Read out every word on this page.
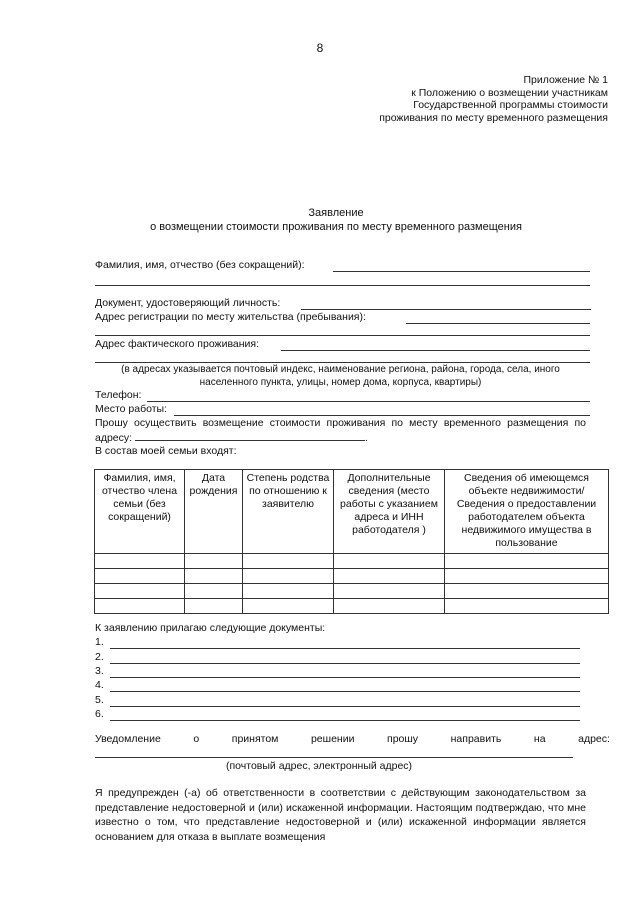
8
Приложение № 1
к Положению о возмещении участникам
Государственной программы стоимости
проживания по месту временного размещения
Заявление
о возмещении стоимости проживания по месту временного размещения
Фамилия, имя, отчество (без сокращений):
Документ, удостоверяющий личность:
Адрес регистрации по месту жительства (пребывания):
Адрес фактического проживания:
(в адресах указывается почтовый индекс, наименование региона, района, города, села, иного населенного пункта, улицы, номер дома, корпуса, квартиры)
Телефон:
Место работы:
Прошу осуществить возмещение стоимости проживания по месту временного размещения по адресу:	.
В состав моей семьи входят:
Фамилия, имя, отчество члена семьи (без сокращений)	Дата рождения	Степень родства по отношению к заявителю	Дополнительные сведения (место работы с указанием адреса и ИНН работодателя )	Сведения об имеющемся объекте недвижимости/ Сведения о предоставлении работодателем объекта недвижимого имущества в пользование

К заявлению прилагаю следующие документы:
1.
2.
3.
4.
5.
6.
Уведомление	о	принятом	решении	прошу	направить	на	адрес:
(почтовый адрес, электронный адрес)
Я предупрежден (-а) об ответственности в соответствии с действующим законодательством за представление недостоверной и (или) искаженной информации. Настоящим подтверждаю, что мне известно о том, что представление недостоверной и (или) искаженной информации является основанием для отказа в выплате возмещения
